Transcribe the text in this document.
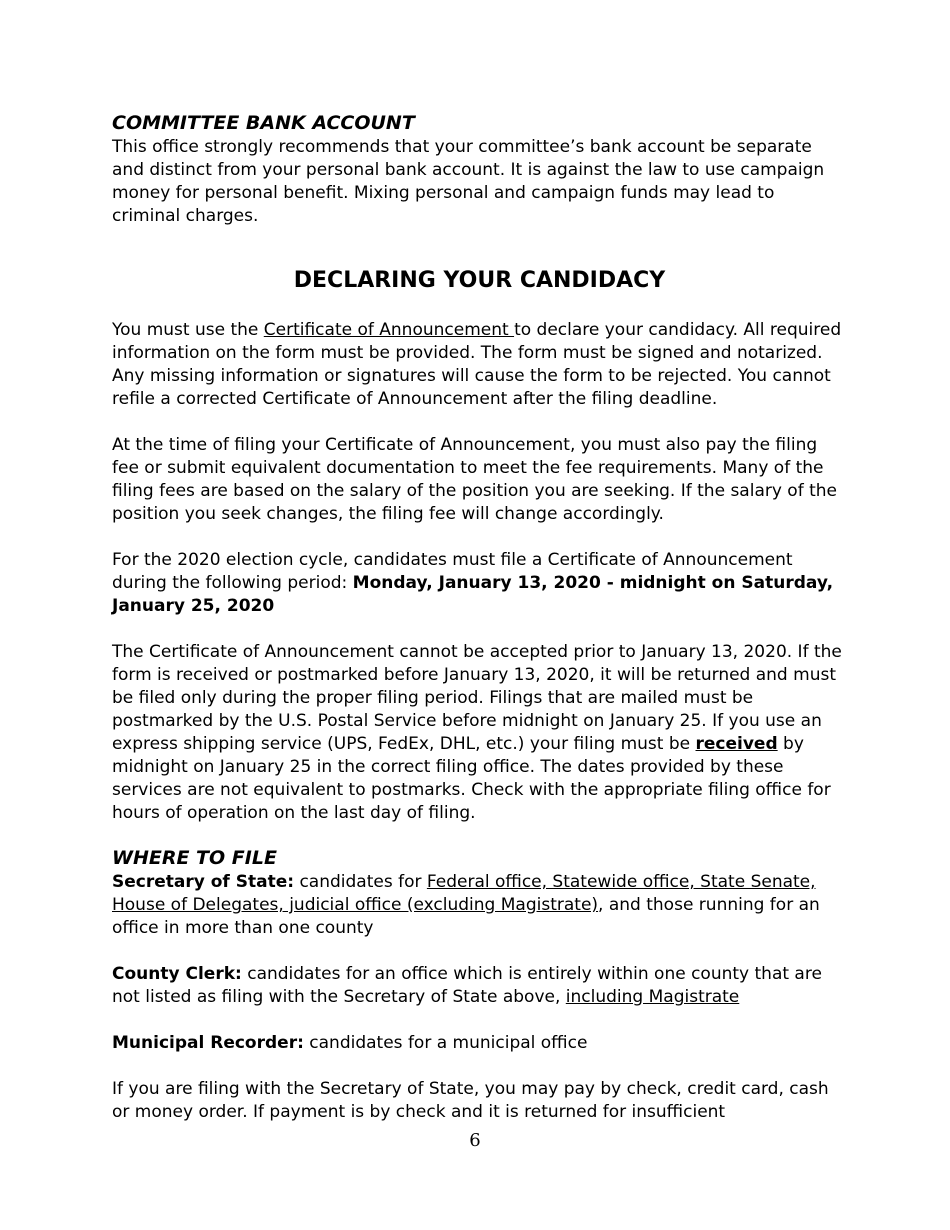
COMMITTEE BANK ACCOUNT

This office strongly recommends that your committee’s bank account be separate and distinct from your personal bank account. It is against the law to use campaign money for personal benefit. Mixing personal and campaign funds may lead to criminal charges.

DECLARING YOUR CANDIDACY

You must use the Certificate of Announcement to declare your candidacy. All required information on the form must be provided. The form must be signed and notarized. Any missing information or signatures will cause the form to be rejected. You cannot refile a corrected Certificate of Announcement after the filing deadline.

At the time of filing your Certificate of Announcement, you must also pay the filing fee or submit equivalent documentation to meet the fee requirements. Many of the filing fees are based on the salary of the position you are seeking. If the salary of the position you seek changes, the filing fee will change accordingly.

For the 2020 election cycle, candidates must file a Certificate of Announcement during the following period: Monday, January 13, 2020 - midnight on Saturday, January 25, 2020

The Certificate of Announcement cannot be accepted prior to January 13, 2020. If the form is received or postmarked before January 13, 2020, it will be returned and must be filed only during the proper filing period. Filings that are mailed must be postmarked by the U.S. Postal Service before midnight on January 25. If you use an express shipping service (UPS, FedEx, DHL, etc.) your filing must be received by midnight on January 25 in the correct filing office. The dates provided by these services are not equivalent to postmarks. Check with the appropriate filing office for hours of operation on the last day of filing.

WHERE TO FILE

Secretary of State: candidates for Federal office, Statewide office, State Senate, House of Delegates, judicial office (excluding Magistrate), and those running for an office in more than one county

County Clerk: candidates for an office which is entirely within one county that are not listed as filing with the Secretary of State above, including Magistrate

Municipal Recorder: candidates for a municipal office

If you are filing with the Secretary of State, you may pay by check, credit card, cash or money order. If payment is by check and it is returned for insufficient

6
